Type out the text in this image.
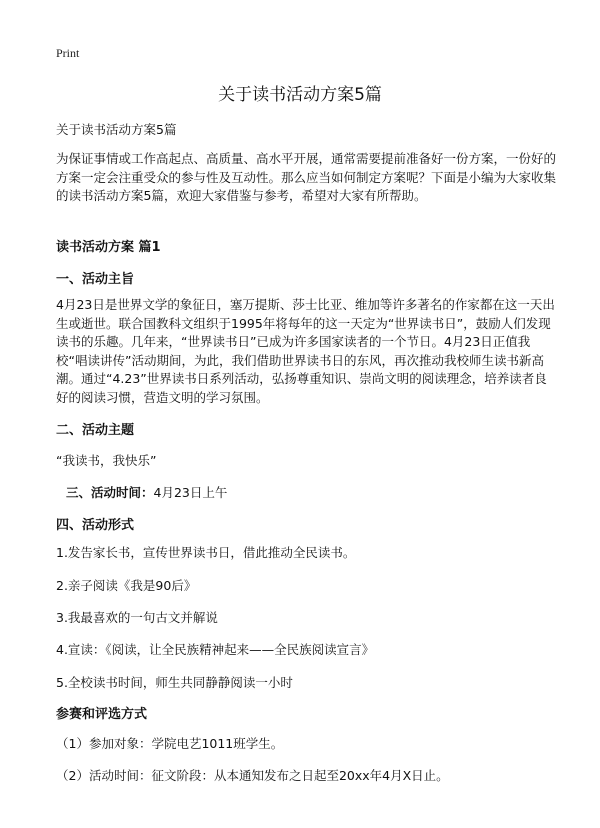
Print
关于读书活动方案5篇
关于读书活动方案5篇
为保证事情或工作高起点、高质量、高水平开展，通常需要提前准备好一份方案，一份好的方案一定会注重受众的参与性及互动性。那么应当如何制定方案呢？下面是小编为大家收集的读书活动方案5篇，欢迎大家借鉴与参考，希望对大家有所帮助。
读书活动方案 篇1
一、活动主旨
4月23日是世界文学的象征日，塞万提斯、莎士比亚、维加等许多著名的作家都在这一天出生或逝世。联合国教科文组织于1995年将每年的这一天定为“世界读书日”，鼓励人们发现读书的乐趣。几年来，“世界读书日”已成为许多国家读者的一个节日。4月23日正值我校“唱读讲传”活动期间，为此，我们借助世界读书日的东风，再次推动我校师生读书新高潮。通过“4.23”世界读书日系列活动，弘扬尊重知识、崇尚文明的阅读理念，培养读者良好的阅读习惯，营造文明的学习氛围。
二、活动主题
“我读书，我快乐”
三、活动时间：4月23日上午
四、活动形式
1.发告家长书，宣传世界读书日，借此推动全民读书。
2.亲子阅读《我是90后》
3.我最喜欢的一句古文并解说
4.宣读：《阅读，让全民族精神起来——全民族阅读宣言》
5.全校读书时间，师生共同静静阅读一小时
参赛和评选方式
（1）参加对象：学院电艺1011班学生。
（2）活动时间：征文阶段：从本通知发布之日起至20xx年4月X日止。
